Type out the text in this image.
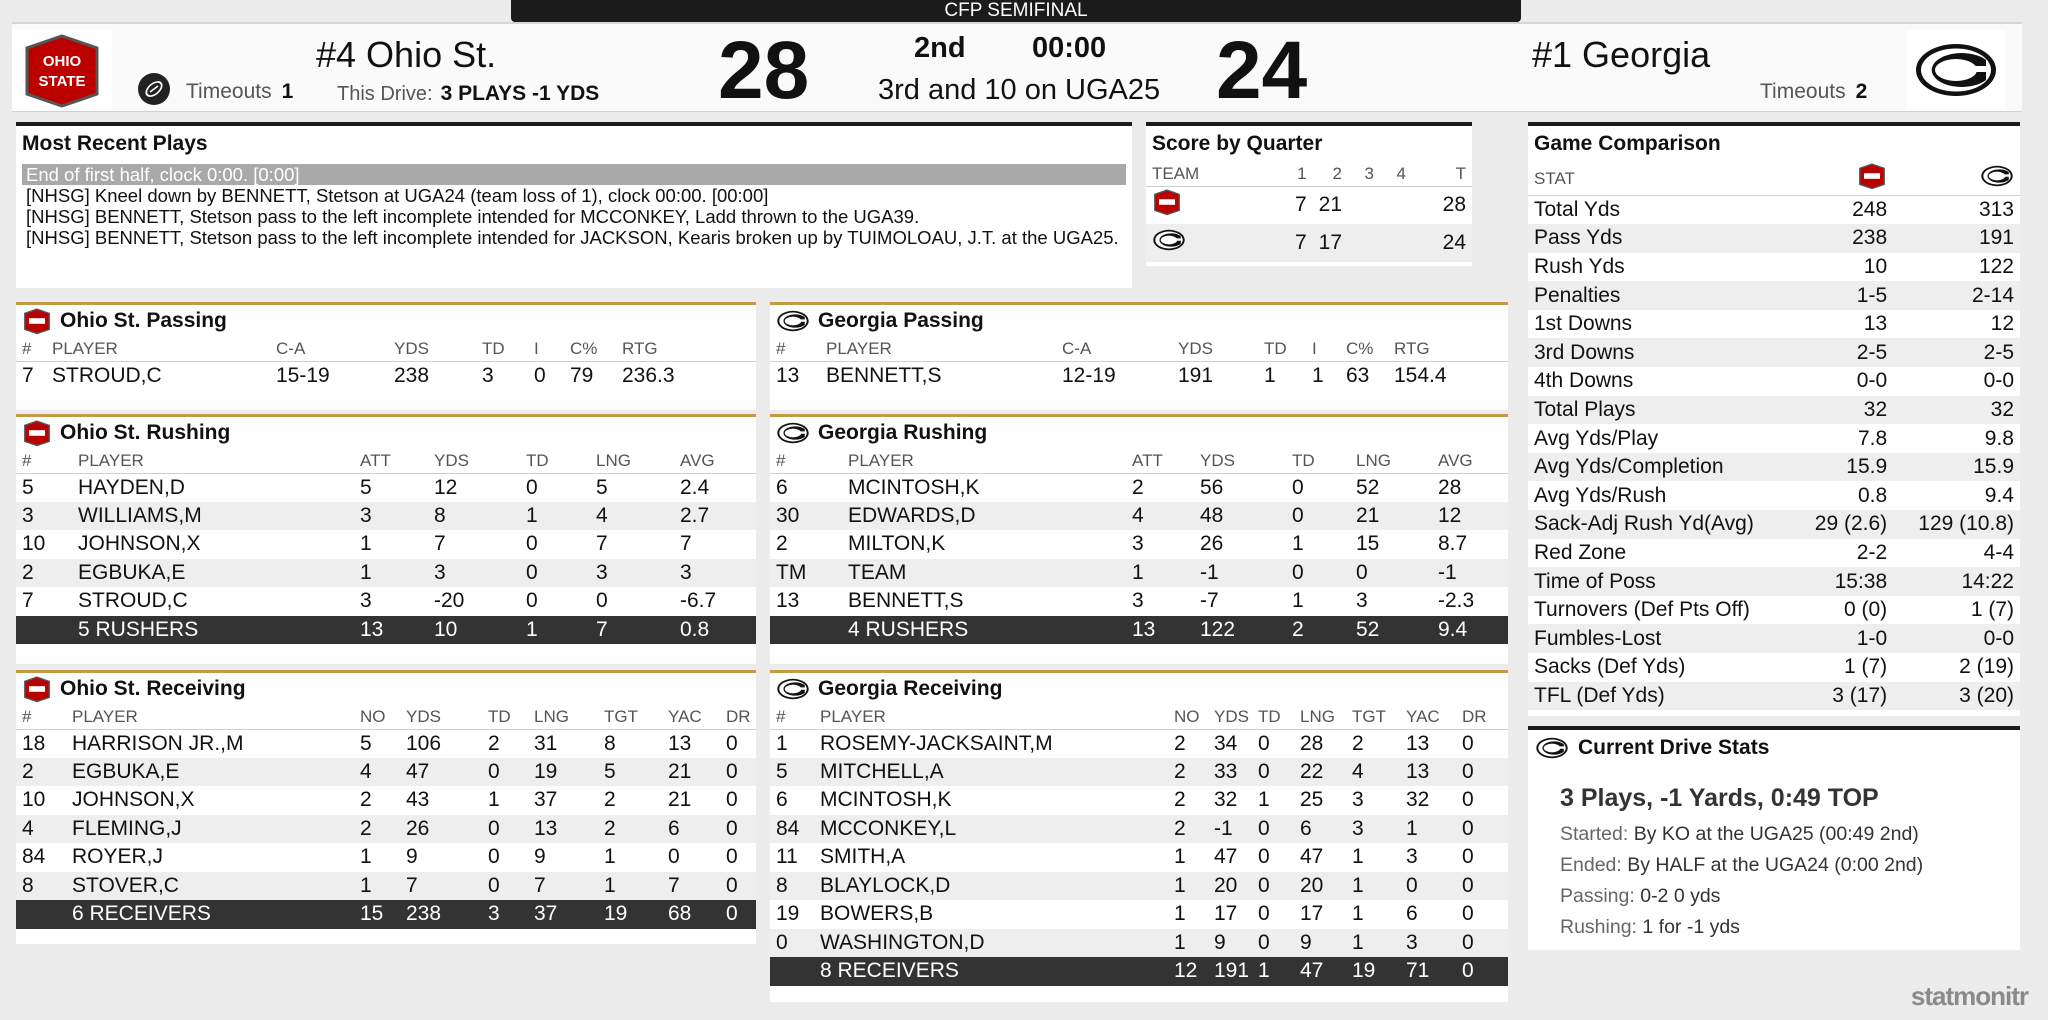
CFP SEMIFINAL
OHIO
STATE
#4 Ohio St.
Timeouts 1 This Drive: 3 PLAYS -1 YDS 28	2nd 00:00
3rd and 10 on UGA25 24	#1 Georgia
Timeouts 2
Most Recent Plays
End of first half, clock 0:00. [0:00]
[NHSG] Kneel down by BENNETT, Stetson at UGA24 (team loss of 1), clock 00:00. [00:00]
[NHSG] BENNETT, Stetson pass to the left incomplete intended for MCCONKEY, Ladd thrown to the UGA39.
[NHSG] BENNETT, Stetson pass to the left incomplete intended for JACKSON, Kearis broken up by TUIMOLOAU, J.T. at the UGA25.
Score by Quarter
TEAM	1	2	3	4	T
	7	21			28
	7	17			24
Game Comparison
STAT		
Total Yds	248	313
Pass Yds	238	191
Rush Yds	10	122
Penalties	1-5	2-14
1st Downs	13	12
3rd Downs	2-5	2-5
4th Downs	0-0	0-0
Total Plays	32	32
Avg Yds/Play	7.8	9.8
Avg Yds/Completion	15.9	15.9
Avg Yds/Rush	0.8	9.4
Sack-Adj Rush Yd(Avg)	29 (2.6)	129 (10.8)
Red Zone	2-2	4-4
Time of Poss	15:38	14:22
Turnovers (Def Pts Off)	0 (0)	1 (7)
Fumbles-Lost	1-0	0-0
Sacks (Def Yds)	1 (7)	2 (19)
TFL (Def Yds)	3 (17)	3 (20)
Current Drive Stats
3 Plays, -1 Yards, 0:49 TOP
Started: By KO at the UGA25 (00:49 2nd)
Ended: By HALF at the UGA24 (0:00 2nd)
Passing: 0-2 0 yds
Rushing: 1 for -1 yds
Ohio St. Passing
#	PLAYER	C-A	YDS	TD	I	C%	RTG
7	STROUD,C	15-19	238	3	0	79	236.3
Georgia Passing
#	PLAYER	C-A	YDS	TD	I	C%	RTG
13	BENNETT,S	12-19	191	1	1	63	154.4
Ohio St. Rushing
#	PLAYER	ATT	YDS	TD	LNG	AVG
5	HAYDEN,D	5	12	0	5	2.4
3	WILLIAMS,M	3	8	1	4	2.7
10	JOHNSON,X	1	7	0	7	7
2	EGBUKA,E	1	3	0	3	3
7	STROUD,C	3	-20	0	0	-6.7
	5 RUSHERS	13	10	1	7	0.8
Georgia Rushing
#	PLAYER	ATT	YDS	TD	LNG	AVG
6	MCINTOSH,K	2	56	0	52	28
30	EDWARDS,D	4	48	0	21	12
2	MILTON,K	3	26	1	15	8.7
TM	TEAM	1	-1	0	0	-1
13	BENNETT,S	3	-7	1	3	-2.3
	4 RUSHERS	13	122	2	52	9.4
Ohio St. Receiving
#	PLAYER	NO	YDS	TD	LNG	TGT	YAC	DR
18	HARRISON JR.,M	5	106	2	31	8	13	0
2	EGBUKA,E	4	47	0	19	5	21	0
10	JOHNSON,X	2	43	1	37	2	21	0
4	FLEMING,J	2	26	0	13	2	6	0
84	ROYER,J	1	9	0	9	1	0	0
8	STOVER,C	1	7	0	7	1	7	0
	6 RECEIVERS	15	238	3	37	19	68	0
Georgia Receiving
#	PLAYER	NO	YDS	TD	LNG	TGT	YAC	DR
1	ROSEMY-JACKSAINT,M	2	34	0	28	2	13	0
5	MITCHELL,A	2	33	0	22	4	13	0
6	MCINTOSH,K	2	32	1	25	3	32	0
84	MCCONKEY,L	2	-1	0	6	3	1	0
11	SMITH,A	1	47	0	47	1	3	0
8	BLAYLOCK,D	1	20	0	20	1	0	0
19	BOWERS,B	1	17	0	17	1	6	0
0	WASHINGTON,D	1	9	0	9	1	3	0
	8 RECEIVERS	12	191	1	47	19	71	0
statmonitr
